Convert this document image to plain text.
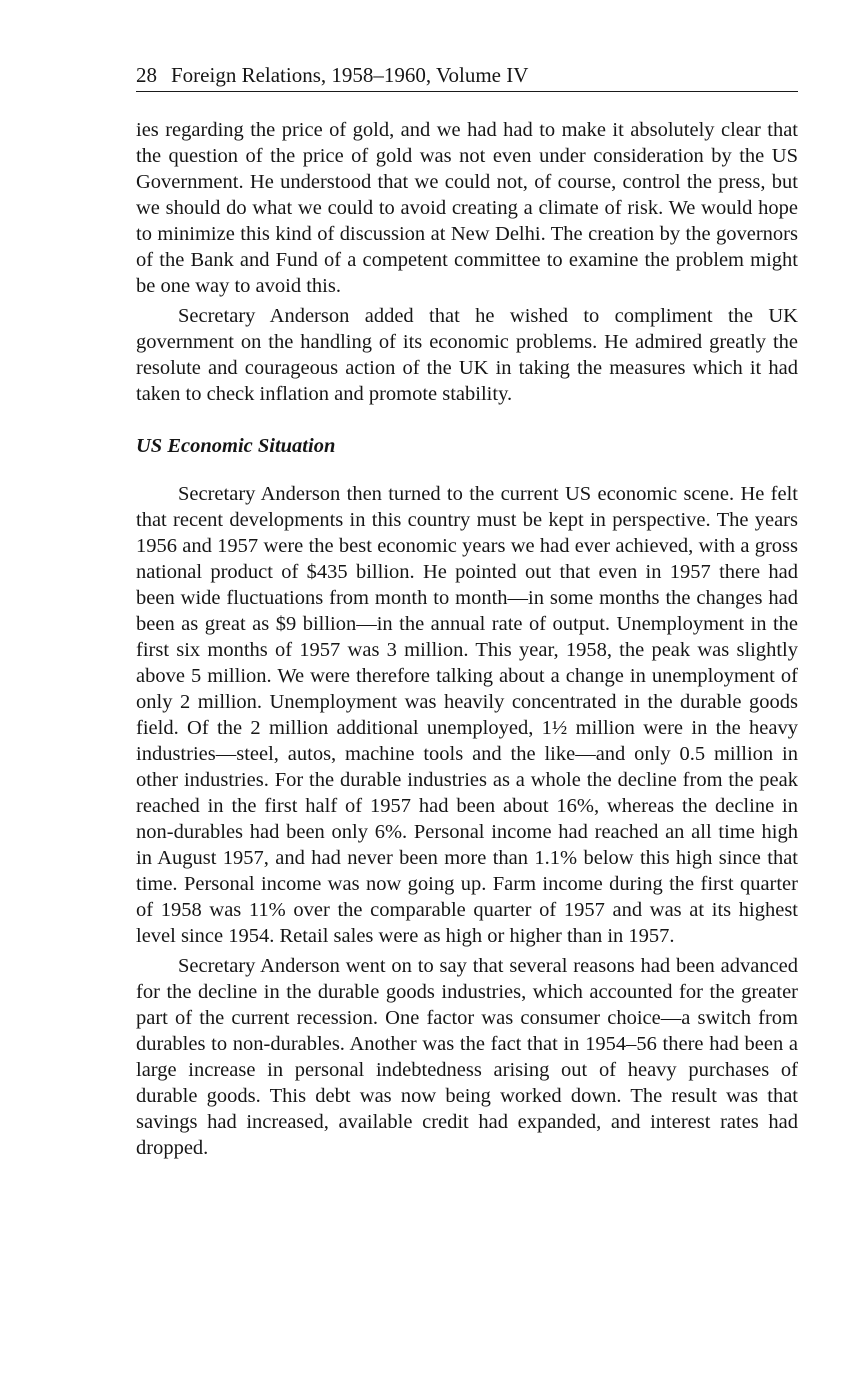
28 Foreign Relations, 1958–1960, Volume IV

ies regarding the price of gold, and we had had to make it absolutely clear that the question of the price of gold was not even under consideration by the US Government. He understood that we could not, of course, control the press, but we should do what we could to avoid creating a climate of risk. We would hope to minimize this kind of discussion at New Delhi. The creation by the governors of the Bank and Fund of a competent committee to examine the problem might be one way to avoid this.

Secretary Anderson added that he wished to compliment the UK government on the handling of its economic problems. He admired greatly the resolute and courageous action of the UK in taking the measures which it had taken to check inflation and promote stability.

US Economic Situation

Secretary Anderson then turned to the current US economic scene. He felt that recent developments in this country must be kept in perspective. The years 1956 and 1957 were the best economic years we had ever achieved, with a gross national product of $435 billion. He pointed out that even in 1957 there had been wide fluctuations from month to month—in some months the changes had been as great as $9 billion—in the annual rate of output. Unemployment in the first six months of 1957 was 3 million. This year, 1958, the peak was slightly above 5 million. We were therefore talking about a change in unemployment of only 2 million. Unemployment was heavily concentrated in the durable goods field. Of the 2 million additional unemployed, 1½ million were in the heavy industries—steel, autos, machine tools and the like—and only 0.5 million in other industries. For the durable industries as a whole the decline from the peak reached in the first half of 1957 had been about 16%, whereas the decline in non-durables had been only 6%. Personal income had reached an all time high in August 1957, and had never been more than 1.1% below this high since that time. Personal income was now going up. Farm income during the first quarter of 1958 was 11% over the comparable quarter of 1957 and was at its highest level since 1954. Retail sales were as high or higher than in 1957.

Secretary Anderson went on to say that several reasons had been advanced for the decline in the durable goods industries, which accounted for the greater part of the current recession. One factor was consumer choice—a switch from durables to non-durables. Another was the fact that in 1954–56 there had been a large increase in personal indebtedness arising out of heavy purchases of durable goods. This debt was now being worked down. The result was that savings had increased, available credit had expanded, and interest rates had dropped.
